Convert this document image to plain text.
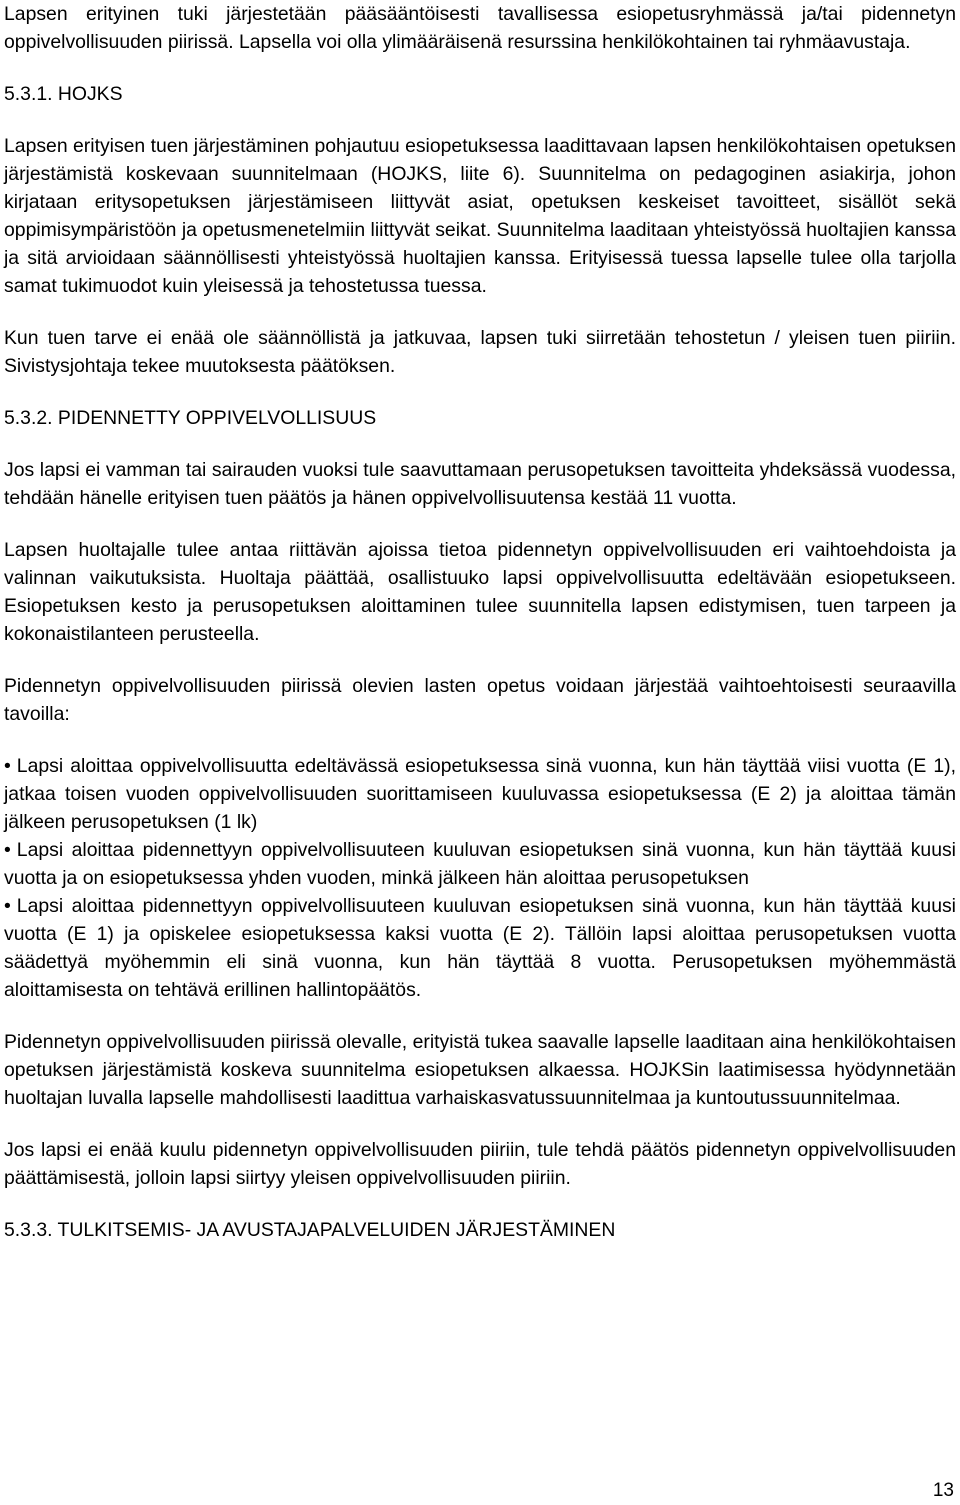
Lapsen erityinen tuki järjestetään pääsääntöisesti tavallisessa esiopetusryhmässä ja/tai pidennetyn oppivelvollisuuden piirissä. Lapsella voi olla ylimääräisenä resurssina henkilökohtainen tai ryhmäavustaja.

5.3.1. HOJKS

Lapsen erityisen tuen järjestäminen pohjautuu esiopetuksessa laadittavaan lapsen henkilökohtaisen opetuksen järjestämistä koskevaan suunnitelmaan (HOJKS, liite 6). Suunnitelma on pedagoginen asiakirja, johon kirjataan eritysopetuksen järjestämiseen liittyvät asiat, opetuksen keskeiset tavoitteet, sisällöt sekä oppimisympäristöön ja opetusmenetelmiin liittyvät seikat. Suunnitelma laaditaan yhteistyössä huoltajien kanssa ja sitä arvioidaan säännöllisesti yhteistyössä huoltajien kanssa. Erityisessä tuessa lapselle tulee olla tarjolla samat tukimuodot kuin yleisessä ja tehostetussa tuessa.

Kun tuen tarve ei enää ole säännöllistä ja jatkuvaa, lapsen tuki siirretään tehostetun / yleisen tuen piiriin. Sivistysjohtaja tekee muutoksesta päätöksen.

5.3.2. PIDENNETTY OPPIVELVOLLISUUS

Jos lapsi ei vamman tai sairauden vuoksi tule saavuttamaan perusopetuksen tavoitteita yhdeksässä vuodessa, tehdään hänelle erityisen tuen päätös ja hänen oppivelvollisuutensa kestää 11 vuotta.

Lapsen huoltajalle tulee antaa riittävän ajoissa tietoa pidennetyn oppivelvollisuuden eri vaihtoehdoista ja valinnan vaikutuksista. Huoltaja päättää, osallistuuko lapsi oppivelvollisuutta edeltävään esiopetukseen. Esiopetuksen kesto ja perusopetuksen aloittaminen tulee suunnitella lapsen edistymisen, tuen tarpeen ja kokonaistilanteen perusteella.

Pidennetyn oppivelvollisuuden piirissä olevien lasten opetus voidaan järjestää vaihtoehtoisesti seuraavilla tavoilla:

• Lapsi aloittaa oppivelvollisuutta edeltävässä esiopetuksessa sinä vuonna, kun hän täyttää viisi vuotta (E 1), jatkaa toisen vuoden oppivelvollisuuden suorittamiseen kuuluvassa esiopetuksessa (E 2) ja aloittaa tämän jälkeen perusopetuksen (1 lk)
• Lapsi aloittaa pidennettyyn oppivelvollisuuteen kuuluvan esiopetuksen sinä vuonna, kun hän täyttää kuusi vuotta ja on esiopetuksessa yhden vuoden, minkä jälkeen hän aloittaa perusopetuksen
• Lapsi aloittaa pidennettyyn oppivelvollisuuteen kuuluvan esiopetuksen sinä vuonna, kun hän täyttää kuusi vuotta (E 1) ja opiskelee esiopetuksessa kaksi vuotta (E 2). Tällöin lapsi aloittaa perusopetuksen vuotta säädettyä myöhemmin eli sinä vuonna, kun hän täyttää 8 vuotta. Perusopetuksen myöhemmästä aloittamisesta on tehtävä erillinen hallintopäätös.

Pidennetyn oppivelvollisuuden piirissä olevalle, erityistä tukea saavalle lapselle laaditaan aina henkilökohtaisen opetuksen järjestämistä koskeva suunnitelma esiopetuksen alkaessa. HOJKSin laatimisessa hyödynnetään huoltajan luvalla lapselle mahdollisesti laadittua varhaiskasvatussuunnitelmaa ja kuntoutussuunnitelmaa.

Jos lapsi ei enää kuulu pidennetyn oppivelvollisuuden piiriin, tule tehdä päätös pidennetyn oppivelvollisuuden päättämisestä, jolloin lapsi siirtyy yleisen oppivelvollisuuden piiriin.

5.3.3. TULKITSEMIS- JA AVUSTAJAPALVELUIDEN JÄRJESTÄMINEN

13
